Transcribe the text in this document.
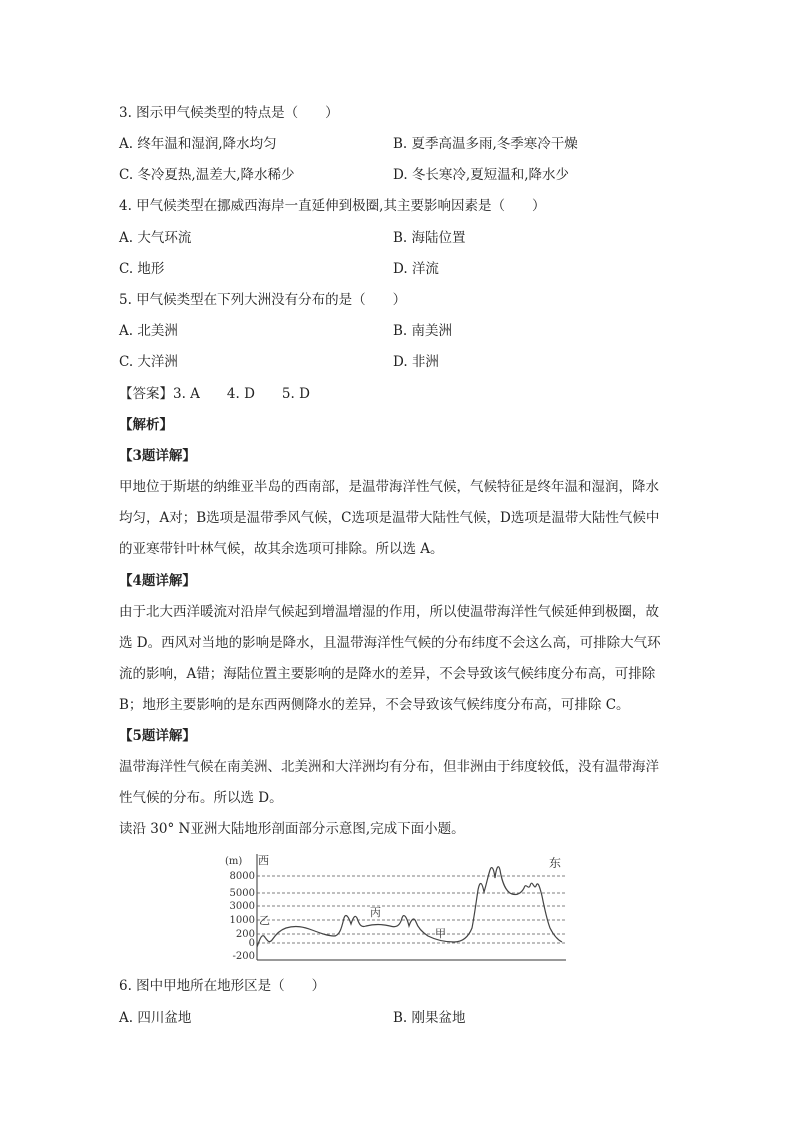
3. 图示甲气候类型的特点是（　　）
A. 终年温和湿润,降水均匀	B. 夏季高温多雨,冬季寒冷干燥
C. 冬冷夏热,温差大,降水稀少	D. 冬长寒冷,夏短温和,降水少
4. 甲气候类型在挪威西海岸一直延伸到极圈,其主要影响因素是（　　）
A. 大气环流	B. 海陆位置
C. 地形	D. 洋流
5. 甲气候类型在下列大洲没有分布的是（　　）
A. 北美洲	B. 南美洲
C. 大洋洲	D. 非洲
【答案】3. A　　4. D　　5. D
【解析】
【3题详解】
甲地位于斯堪的纳维亚半岛的西南部，是温带海洋性气候，气候特征是终年温和湿润，降水
均匀，A对；B选项是温带季风气候，C选项是温带大陆性气候，D选项是温带大陆性气候中
的亚寒带针叶林气候，故其余选项可排除。所以选 A。
【4题详解】
由于北大西洋暖流对沿岸气候起到增温增湿的作用，所以使温带海洋性气候延伸到极圈，故
选 D。西风对当地的影响是降水，且温带海洋性气候的分布纬度不会这么高，可排除大气环
流的影响，A错；海陆位置主要影响的是降水的差异，不会导致该气候纬度分布高，可排除
B；地形主要影响的是东西两侧降水的差异，不会导致该气候纬度分布高，可排除 C。
【5题详解】
温带海洋性气候在南美洲、北美洲和大洋洲均有分布，但非洲由于纬度较低，没有温带海洋
性气候的分布。所以选 D。
读沿 30° N亚洲大陆地形剖面部分示意图,完成下面小题。
(m) 西	东
8000
5000
3000
1000
200
0
-200
乙
丙
甲
6. 图中甲地所在地形区是（　　）
A. 四川盆地	B. 刚果盆地
